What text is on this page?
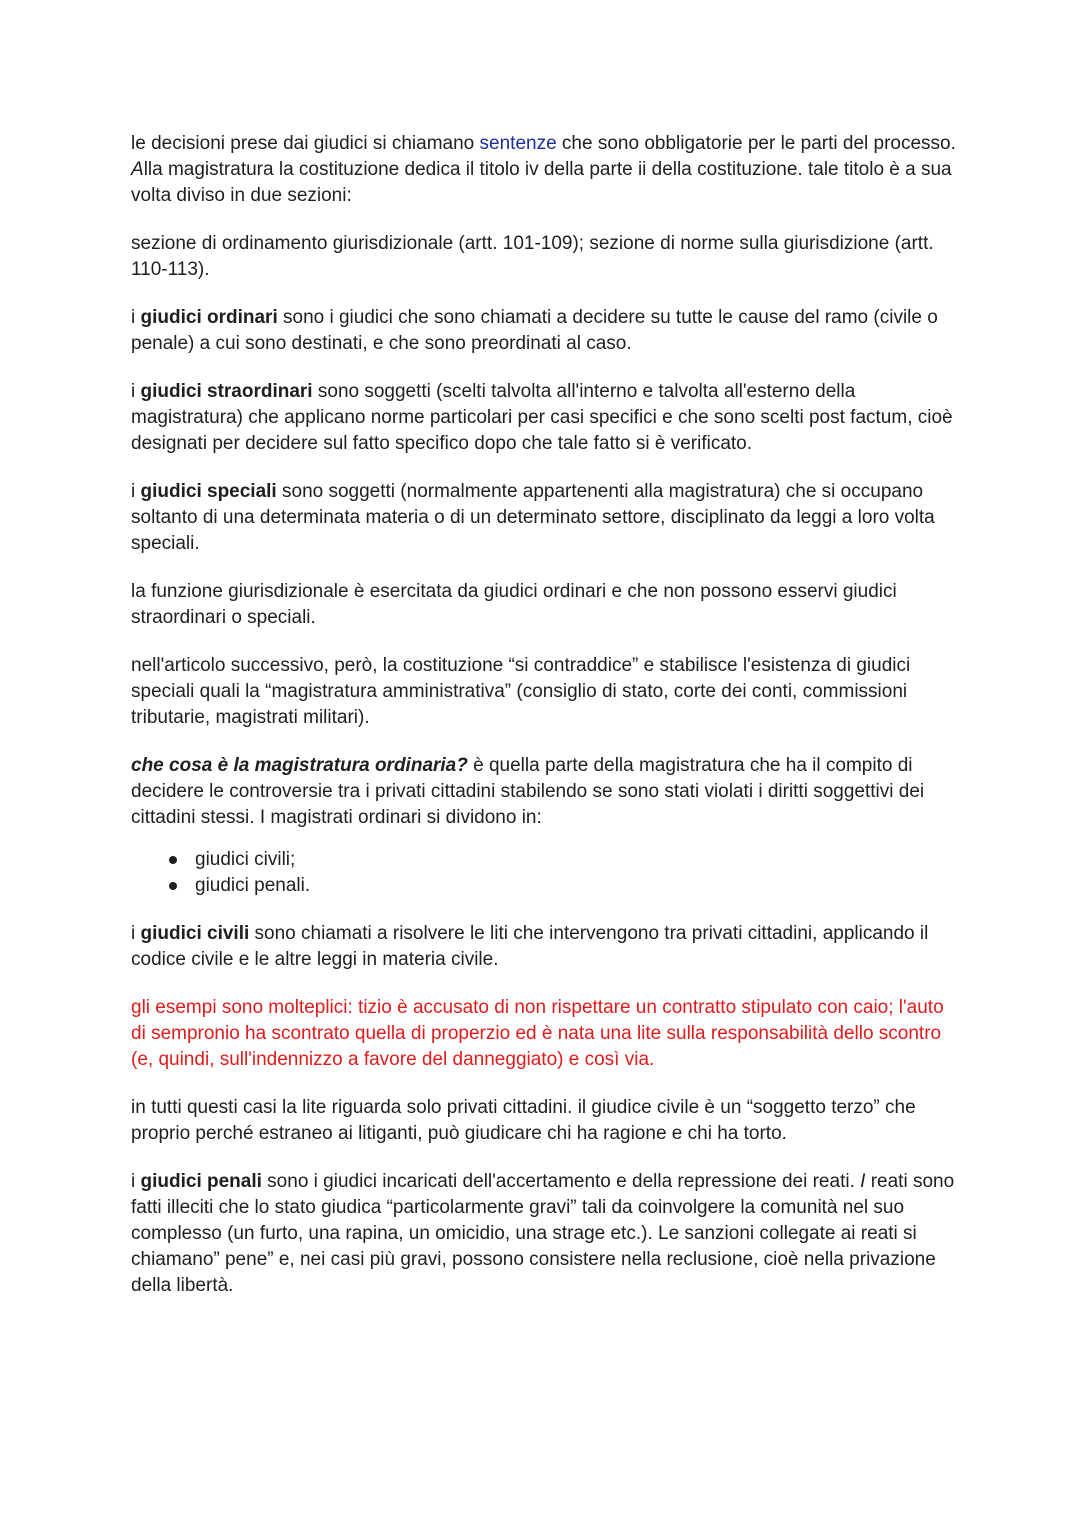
le decisioni prese dai giudici si chiamano sentenze che sono obbligatorie per le parti del processo. Alla magistratura la costituzione dedica il titolo iv della parte ii della costituzione. tale titolo è a sua volta diviso in due sezioni:

sezione di ordinamento giurisdizionale (artt. 101-109); sezione di norme sulla giurisdizione (artt. 110-113).

i giudici ordinari sono i giudici che sono chiamati a decidere su tutte le cause del ramo (civile o penale) a cui sono destinati, e che sono preordinati al caso.

i giudici straordinari sono soggetti (scelti talvolta all'interno e talvolta all'esterno della magistratura) che applicano norme particolari per casi specifici e che sono scelti post factum, cioè designati per decidere sul fatto specifico dopo che tale fatto si è verificato.

i giudici speciali sono soggetti (normalmente appartenenti alla magistratura) che si occupano soltanto di una determinata materia o di un determinato settore, disciplinato da leggi a loro volta speciali.

la funzione giurisdizionale è esercitata da giudici ordinari e che non possono esservi giudici straordinari o speciali.

nell'articolo successivo, però, la costituzione “si contraddice” e stabilisce l'esistenza di giudici speciali quali la “magistratura amministrativa” (consiglio di stato, corte dei conti, commissioni tributarie, magistrati militari).

che cosa è la magistratura ordinaria? è quella parte della magistratura che ha il compito di decidere le controversie tra i privati cittadini stabilendo se sono stati violati i diritti soggettivi dei cittadini stessi. I magistrati ordinari si dividono in:

giudici civili;
giudici penali.

i giudici civili sono chiamati a risolvere le liti che intervengono tra privati cittadini, applicando il codice civile e le altre leggi in materia civile.

gli esempi sono molteplici: tizio è accusato di non rispettare un contratto stipulato con caio; l'auto di sempronio ha scontrato quella di properzio ed è nata una lite sulla responsabilità dello scontro (e, quindi, sull'indennizzo a favore del danneggiato) e così via.

in tutti questi casi la lite riguarda solo privati cittadini. il giudice civile è un “soggetto terzo” che proprio perché estraneo ai litiganti, può giudicare chi ha ragione e chi ha torto.

i giudici penali sono i giudici incaricati dell'accertamento e della repressione dei reati. I reati sono fatti illeciti che lo stato giudica “particolarmente gravi” tali da coinvolgere la comunità nel suo complesso (un furto, una rapina, un omicidio, una strage etc.). Le sanzioni collegate ai reati si chiamano” pene” e, nei casi più gravi, possono consistere nella reclusione, cioè nella privazione della libertà.
